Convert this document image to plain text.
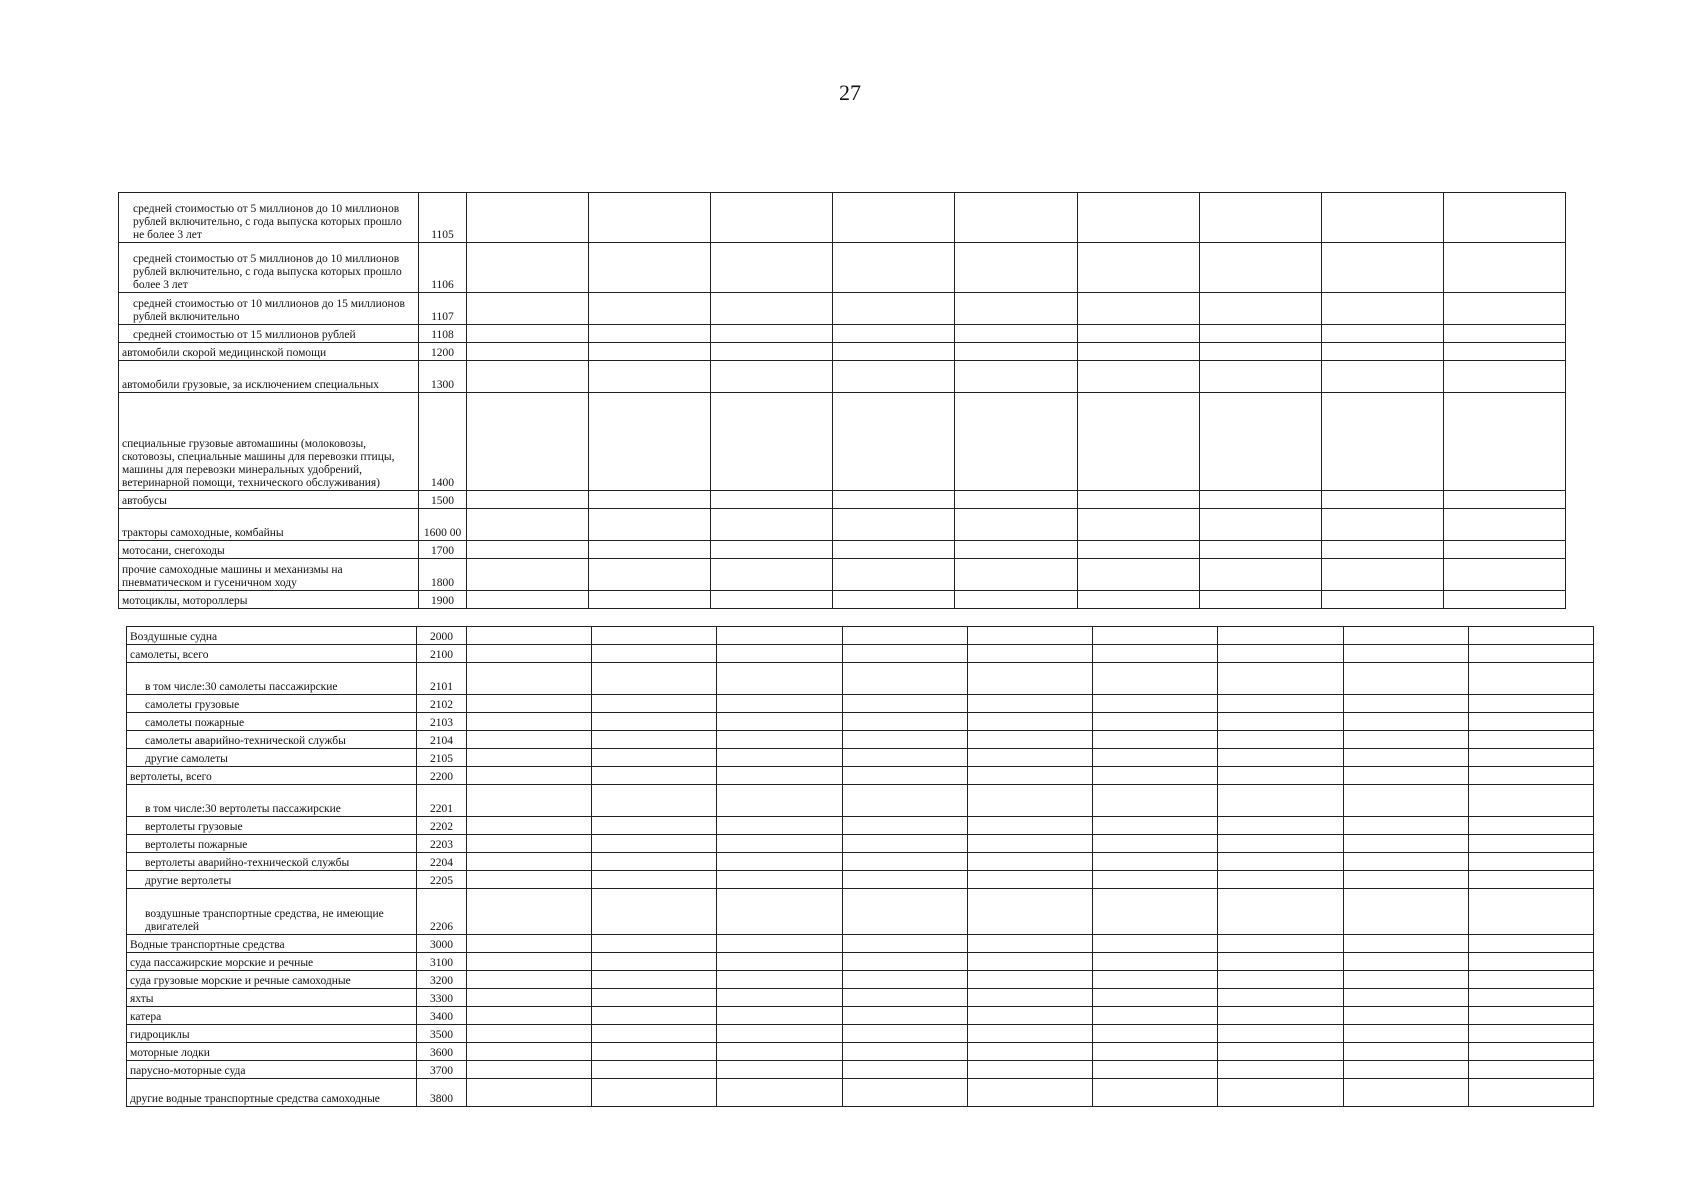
27
средней стоимостью от 5 миллионов до 10 миллионов рублей включительно, с года выпуска которых прошло не более 3 лет	1105									
средней стоимостью от 5 миллионов до 10 миллионов рублей включительно, с года выпуска которых прошло более 3 лет	1106									
средней стоимостью от 10 миллионов до 15 миллионов рублей включительно	1107									
средней стоимостью от 15 миллионов рублей	1108									
автомобили скорой медицинской помощи	1200									
автомобили грузовые, за исключением специальных	1300									
специальные грузовые автомашины (молоковозы, скотовозы, специальные машины для перевозки птицы, машины для перевозки минеральных удобрений, ветеринарной помощи, технического обслуживания)	1400									
автобусы	1500									
тракторы самоходные, комбайны	1600 00									
мотосани, снегоходы	1700									
прочие самоходные машины и механизмы на пневматическом и гусеничном ходу	1800									
мотоциклы, мотороллеры	1900									
Воздушные судна	2000									
самолеты, всего	2100									
в том числе:30 самолеты пассажирские	2101									
самолеты грузовые	2102									
самолеты пожарные	2103									
самолеты аварийно-технической службы	2104									
другие самолеты	2105									
вертолеты, всего	2200									
в том числе:30 вертолеты пассажирские	2201									
вертолеты грузовые	2202									
вертолеты пожарные	2203									
вертолеты аварийно-технической службы	2204									
другие вертолеты	2205									
воздушные транспортные средства, не имеющие двигателей	2206									
Водные транспортные средства	3000									
суда пассажирские морские и речные	3100									
суда грузовые морские и речные самоходные	3200									
яхты	3300									
катера	3400									
гидроциклы	3500									
моторные лодки	3600									
парусно-моторные суда	3700									
другие водные транспортные средства самоходные	3800									
